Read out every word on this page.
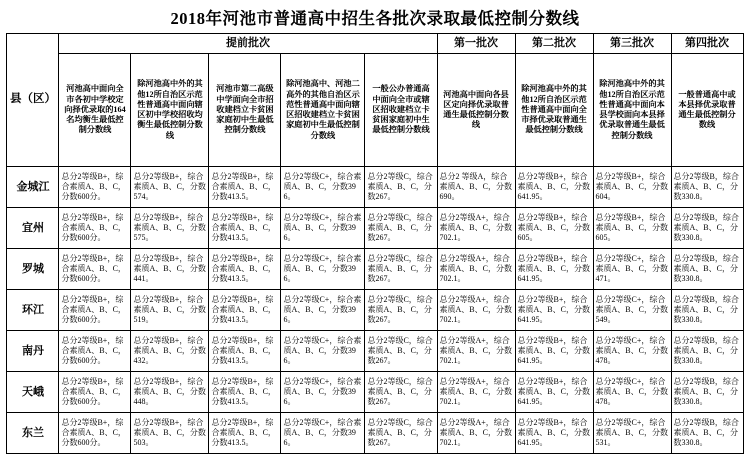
2018年河池市普通高中招生各批次录取最低控制分数线
县（区）	提前批次					第一批次	第二批次	第三批次	第四批次
	河池高中面向全市各初中学校定向择优录取的164名均衡生最低控制分数线	除河池高中外的其他12所自治区示范性普通高中面向辖区初中学校招收均衡生最低控制分数线	河池市第二高级中学面向全市招收建档立卡贫困家庭初中生最低控制分数线	除河池高中、河池二高外的其他自治区示范性普通高中面向辖区招收建档立卡贫困家庭初中生最低控制分数线	一般公办普通高中面向全市或辖区招收建档立卡贫困家庭初中生最低控制分数线	河池高中面向各县区定向择优录取普通生最低控制分数线	除河池高中外的其他12所自治区示范性普通高中面向全市择优录取普通生最低控制分数线	除河池高中外的其他12所自治区示范性普通高中面向本县学校面向本县择优录取普通生最低控制分数线	一般普通高中或本县择优录取普通生最低控制分数线
金城江	总分2等级B+，综合素质A、B、C，分数600分。	总分2等级B+，综合素质A、B、C，分数574。	总分2等级B+，综合素质A、B、C，分数413.5。	总分2等级C+，综合素质A、B、C，分数396。	总分2等级C，综合素质A、B、C，分数267。	总分2 等级A，综合素质A、B、C，分数690。	总分2等级B+，综合素质A、B、C，分数641.95。	总分2等级B+，综合素质A、B、C，分数604。	总分2等级B，综合素质A、B、C，分数330.8。
宜州	总分2等级B+，综合素质A、B、C，分数600分。	总分2等级B+，综合素质A、B、C，分数575。	总分2等级B+，综合素质A、B、C，分数413.5。	总分2等级C+，综合素质A、B、C，分数396。	总分2等级C，综合素质A、B、C，分数267。	总分2等级A+，综合素质A、B、C，分数702.1。	总分2等级B+，综合素质A、B、C，分数605。	总分2等级B+，综合素质A、B、C，分数605。	总分2等级B，综合素质A、B、C，分数330.8。
罗城	总分2等级B+，综合素质A、B、C，分数600分。	总分2等级B+，综合素质A、B、C，分数441。	总分2等级B+，综合素质A、B、C，分数413.5。	总分2等级C+，综合素质A、B、C，分数396。	总分2等级C，综合素质A、B、C，分数267。	总分2等级A+，综合素质A、B、C，分数702.1。	总分2等级B+，综合素质A、B、C，分数641.95。	总分2等级C+，综合素质A、B、C，分数471。	总分2等级B，综合素质A、B、C，分数330.8。
环江	总分2等级B+，综合素质A、B、C，分数600分。	总分2等级B+，综合素质A、B、C，分数519。	总分2等级B+，综合素质A、B、C，分数413.5。	总分2等级C+，综合素质A、B、C，分数396。	总分2等级C，综合素质A、B、C，分数267。	总分2等级A+，综合素质A、B、C，分数702.1。	总分2等级B+，综合素质A、B、C，分数641.95。	总分2等级C+，综合素质A、B、C，分数549。	总分2等级B，综合素质A、B、C，分数330.8。
南丹	总分2等级B+，综合素质A、B、C，分数600分。	总分2等级B+，综合素质A、B、C，分数432。	总分2等级B+，综合素质A、B、C，分数413.5。	总分2等级C+，综合素质A、B、C，分数396。	总分2等级C，综合素质A、B、C，分数267。	总分2等级A+，综合素质A、B、C，分数702.1。	总分2等级B+，综合素质A、B、C，分数641.95。	总分2等级C+，综合素质A、B、C，分数478。	总分2等级B，综合素质A、B、C，分数330.8。
天峨	总分2等级B+，综合素质A、B、C，分数600分。	总分2等级B+，综合素质A、B、C，分数448。	总分2等级B+，综合素质A、B、C，分数413.5。	总分2等级C+，综合素质A、B、C，分数396。	总分2等级C，综合素质A、B、C，分数267。	总分2等级A+，综合素质A、B、C，分数702.1。	总分2等级B+，综合素质A、B、C，分数641.95。	总分2等级C+，综合素质A、B、C，分数478。	总分2等级B，综合素质A、B、C，分数330.8。
东兰	总分2等级B+，综合素质A、B、C，分数600分。	总分2等级B+，综合素质A、B、C，分数503。	总分2等级B+，综合素质A、B、C，分数413.5。	总分2等级C+，综合素质A、B、C，分数396。	总分2等级C，综合素质A、B、C，分数267。	总分2等级A+，综合素质A、B、C，分数702.1。	总分2等级B+，综合素质A、B、C，分数641.95。	总分2等级C+，综合素质A、B、C，分数531。	总分2等级B，综合素质A、B、C，分数330.8。
